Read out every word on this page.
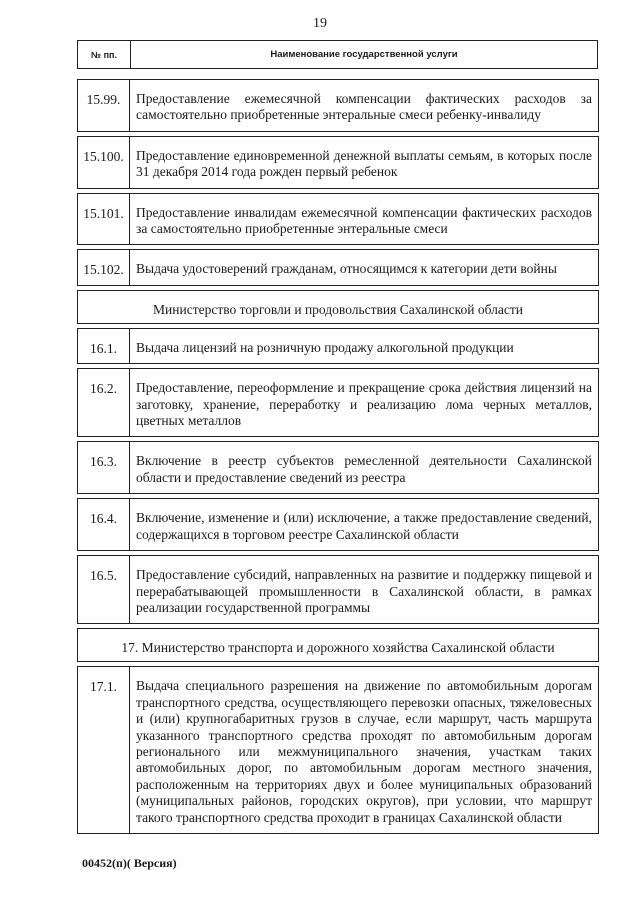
19
№ пп.	Наименование государственной услуги
15.99.	Предоставление ежемесячной компенсации фактических расходов за самостоятельно приобретенные энтеральные смеси ребенку-инвалиду
15.100. Предоставление единовременной денежной выплаты семьям, в которых после 31 декабря 2014 года рожден первый ребенок
15.101. Предоставление инвалидам ежемесячной компенсации фактических расходов за самостоятельно приобретенные энтеральные смеси
15.102. Выдача удостоверений гражданам, относящимся к категории дети войны
Министерство торговли и продовольствия Сахалинской области
16.1.	Выдача лицензий на розничную продажу алкогольной продукции
16.2.	Предоставление, переоформление и прекращение срока действия лицензий на заготовку, хранение, переработку и реализацию лома черных металлов, цветных металлов
16.3.	Включение в реестр субъектов ремесленной деятельности Сахалинской области и предоставление сведений из реестра
16.4.	Включение, изменение и (или) исключение, а также предоставление сведений, содержащихся в торговом реестре Сахалинской области
16.5.	Предоставление субсидий, направленных на развитие и поддержку пищевой и перерабатывающей промышленности в Сахалинской области, в рамках реализации государственной программы
17. Министерство транспорта и дорожного хозяйства Сахалинской области
17.1.	Выдача специального разрешения на движение по автомобильным дорогам транспортного средства, осуществляющего перевозки опасных, тяжеловесных и (или) крупногабаритных грузов в случае, если маршрут, часть маршрута указанного транспортного средства проходят по автомобильным дорогам регионального или межмуниципального значения, участкам таких автомобильных дорог, по автомобильным дорогам местного значения, расположенным на территориях двух и более муниципальных образований (муниципальных районов, городских округов), при условии, что маршрут такого транспортного средства проходит в границах Сахалинской области
00452(п)( Версия)
